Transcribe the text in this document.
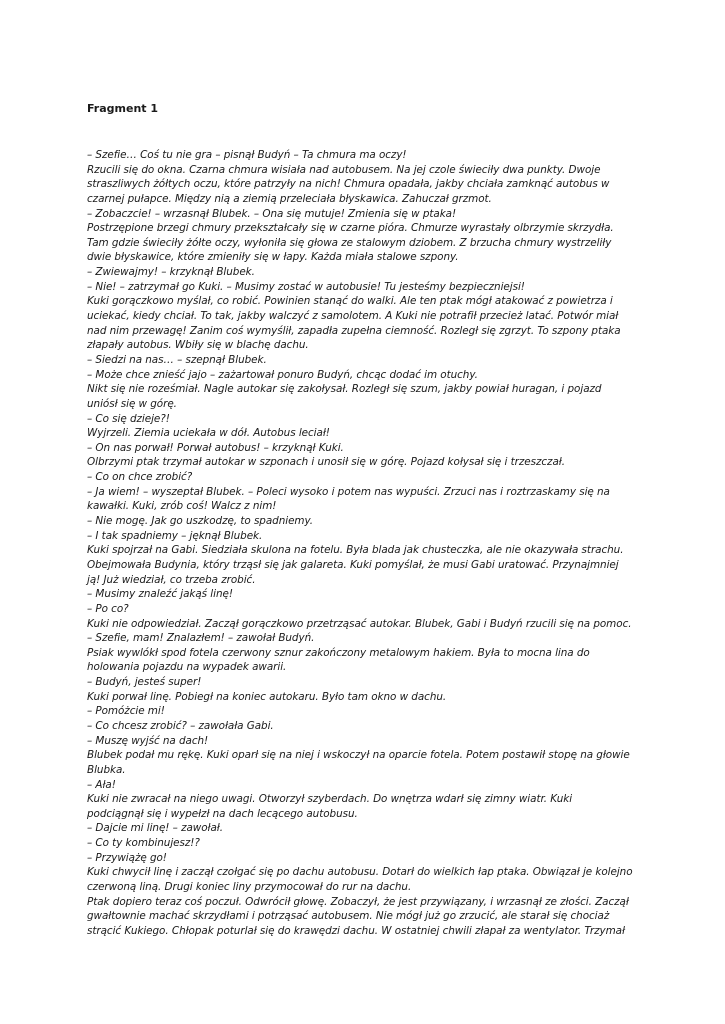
Fragment 1
– Szefie… Coś tu nie gra – pisnął Budyń – Ta chmura ma oczy!
Rzucili się do okna. Czarna chmura wisiała nad autobusem. Na jej czole świeciły dwa punkty. Dwoje
straszliwych żółtych oczu, które patrzyły na nich! Chmura opadała, jakby chciała zamknąć autobus w
czarnej pułapce. Między nią a ziemią przeleciała błyskawica. Zahuczał grzmot.
– Zobaczcie! – wrzasnął Blubek. – Ona się mutuje! Zmienia się w ptaka!
Postrzępione brzegi chmury przekształcały się w czarne pióra. Chmurze wyrastały olbrzymie skrzydła.
Tam gdzie świeciły żółte oczy, wyłoniła się głowa ze stalowym dziobem. Z brzucha chmury wystrzeliły
dwie błyskawice, które zmieniły się w łapy. Każda miała stalowe szpony.
– Zwiewajmy! – krzyknął Blubek.
– Nie! – zatrzymał go Kuki. – Musimy zostać w autobusie! Tu jesteśmy bezpieczniejsi!
Kuki gorączkowo myślał, co robić. Powinien stanąć do walki. Ale ten ptak mógł atakować z powietrza i
uciekać, kiedy chciał. To tak, jakby walczyć z samolotem. A Kuki nie potrafił przecież latać. Potwór miał
nad nim przewagę! Zanim coś wymyślił, zapadła zupełna ciemność. Rozległ się zgrzyt. To szpony ptaka
złapały autobus. Wbiły się w blachę dachu.
– Siedzi na nas… – szepnął Blubek.
– Może chce znieść jajo – zażartował ponuro Budyń, chcąc dodać im otuchy.
Nikt się nie roześmiał. Nagle autokar się zakołysał. Rozległ się szum, jakby powiał huragan, i pojazd
uniósł się w górę.
– Co się dzieje?!
Wyjrzeli. Ziemia uciekała w dół. Autobus leciał!
– On nas porwał! Porwał autobus! – krzyknął Kuki.
Olbrzymi ptak trzymał autokar w szponach i unosił się w górę. Pojazd kołysał się i trzeszczał.
– Co on chce zrobić?
– Ja wiem! – wyszeptał Blubek. – Poleci wysoko i potem nas wypuści. Zrzuci nas i roztrzaskamy się na
kawałki. Kuki, zrób coś! Walcz z nim!
– Nie mogę. Jak go uszkodzę, to spadniemy.
– I tak spadniemy – jęknął Blubek.
Kuki spojrzał na Gabi. Siedziała skulona na fotelu. Była blada jak chusteczka, ale nie okazywała strachu.
Obejmowała Budynia, który trząsł się jak galareta. Kuki pomyślał, że musi Gabi uratować. Przynajmniej
ją! Już wiedział, co trzeba zrobić.
– Musimy znaleźć jakąś linę!
– Po co?
Kuki nie odpowiedział. Zaczął gorączkowo przetrząsać autokar. Blubek, Gabi i Budyń rzucili się na pomoc.
– Szefie, mam! Znalazłem! – zawołał Budyń.
Psiak wywlókł spod fotela czerwony sznur zakończony metalowym hakiem. Była to mocna lina do
holowania pojazdu na wypadek awarii.
– Budyń, jesteś super!
Kuki porwał linę. Pobiegł na koniec autokaru. Było tam okno w dachu.
– Pomóżcie mi!
– Co chcesz zrobić? – zawołała Gabi.
– Muszę wyjść na dach!
Blubek podał mu rękę. Kuki oparł się na niej i wskoczył na oparcie fotela. Potem postawił stopę na głowie
Blubka.
– Ała!
Kuki nie zwracał na niego uwagi. Otworzył szyberdach. Do wnętrza wdarł się zimny wiatr. Kuki
podciągnął się i wypełzł na dach lecącego autobusu.
– Dajcie mi linę! – zawołał.
– Co ty kombinujesz!?
– Przywiążę go!
Kuki chwycił linę i zaczął czołgać się po dachu autobusu. Dotarł do wielkich łap ptaka. Obwiązał je kolejno
czerwoną liną. Drugi koniec liny przymocował do rur na dachu.
Ptak dopiero teraz coś poczuł. Odwrócił głowę. Zobaczył, że jest przywiązany, i wrzasnął ze złości. Zaczął
gwałtownie machać skrzydłami i potrząsać autobusem. Nie mógł już go zrzucić, ale starał się chociaż
strącić Kukiego. Chłopak poturlał się do krawędzi dachu. W ostatniej chwili złapał za wentylator. Trzymał
